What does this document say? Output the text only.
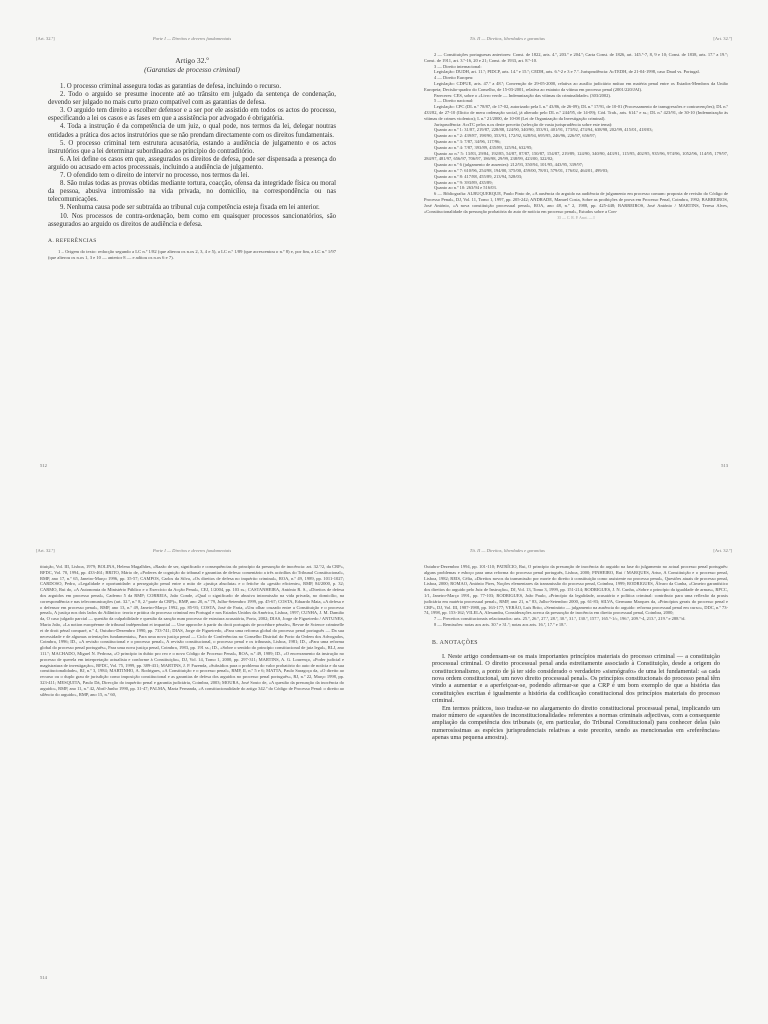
[Art. 32.º]	Parte I — Direitos e deveres fundamentais
Artigo 32.º
(Garantias de processo criminal)

1. O processo criminal assegura todas as garantias de defesa, incluindo o recurso.

2. Todo o arguido se presume inocente até ao trânsito em julgado da sentença de condenação, devendo ser julgado no mais curto prazo compatível com as garantias de defesa.

3. O arguido tem direito a escolher defensor e a ser por ele assistido em todos os actos do processo, especificando a lei os casos e as fases em que a assistência por advogado é obrigatória.

4. Toda a instrução é da competência de um juiz, o qual pode, nos termos da lei, delegar noutras entidades a prática dos actos instrutórios que se não prendam directamente com os direitos fundamentais.

5. O processo criminal tem estrutura acusatória, estando a audiência de julgamento e os actos instrutórios que a lei determinar subordinados ao princípio do contraditório.

6. A lei define os casos em que, assegurados os direitos de defesa, pode ser dispensada a presença do arguido ou acusado em actos processuais, incluindo a audiência de julgamento.

7. O ofendido tem o direito de intervir no processo, nos termos da lei.

8. São nulas todas as provas obtidas mediante tortura, coacção, ofensa da integridade física ou moral da pessoa, abusiva intromissão na vida privada, no domicílio, na correspondência ou nas telecomunicações.

9. Nenhuma causa pode ser subtraída ao tribunal cuja competência esteja fixada em lei anterior.

10. Nos processos de contra-ordenação, bem como em quaisquer processos sancionatórios, são assegurados ao arguido os direitos de audiência e defesa.

A. REFERÊNCIAS

1 – Origem do texto: redacção segundo a LC n.º 1/82 (que alterou os n.os 2, 3, 4 e 5), a LC n.º 1/89 (que acrescentou o n.º 8) e, por fim, a LC n.º 1/97 (que alterou os n.os 1, 3 e 10 — anterior 8 — e aditou os n.os 6 e 7).

512
Tít. II — Direitos, liberdades e garantias	[Art. 32.º]

2 — Constituições portuguesas anteriores: Const. de 1822, arts. 4.º, 203.º e 204.º; Carta Const. de 1826, art. 145.º-7, 8, 9 e 10; Const. de 1838, arts. 17.º a 19.º; Const. de 1911, art. 3.º-16, 20 e 21; Const. de 1933, art. 8.º-10.

3 — Direito internacional:

Legislação: DUDH, art. 11.º; PIDCP, arts. 14.º e 15.º; CEDH, arts. 6.º-2 e 3 e 7.º. Jurisprudência: AcTEDH, de 21-04-1998, caso Daud vs. Portugal.

4 — Direito Europeu:

Legislação: CDFUE, arts. 47.º a 48.º; Convenção de 29-05-2000, relativa ao auxílio judiciário mútuo em matéria penal entre os Estados-Membros da União Europeia; Decisão-quadro do Conselho, de 15-03-2001, relativa ao estatuto da vítima em processo penal (2001/220/JAI).

Pareceres: CES, sobre o «Livro verde — Indemnização das vítimas da criminalidade» (303/2002).

5 — Direito nacional:

Legislação: CPC (DL n.º 78/87, de 17-02, autorizado pela L n.º 43/86, de 26-09); DL n.º 17/91, de 10-01 (Processamento de transgressões e contravenções); DL n.º 433/82, de 27-10 (Ilícito de mera ordenação social, já alterado pelo DL n.º 244/95, de 14-09); Cód. Trab., arts. 614.º e ss.; DL n.º 423/91, de 30-10 (Indemnização às vítimas de crimes violentos); L n.º 21/2000, de 10-08 (Lei de Organização da Investigação criminal).

Jurisprudência: AcsTC pelos n.os deste preceito (selecção de vasta jurisprudência sobre este tema):

Quanto ao n.º 1: 31/87, 219/87, 228/88, 124/90, 340/90, 353/91, 401/91, 173/92, 474/94, 638/98, 202/99, 415/01, 418/03;

Quanto ao n.º 2: 439/87, 198/90, 353/91, 172/92, 628/94, 695/95, 246/96, 226/97, 656/97;

Quanto ao n.º 3: 7/87, 34/96, 117/96;

Quanto ao n.º 4: 7/87, 393/89, 435/89, 125/94, 632/95;

Quanto ao n.º 5: 13/83, 29/84, 192/85, 54/87, 87/87, 150/87, 154/87, 219/89, 124/90, 340/90, 443/91, 115/95, 402/95, 935/96, 974/96, 1052/96, 114/95, 179/97, 284/97, 481/97, 656/97, 706/97, 186/98, 29/99, 238/99, 423/00, 322/02;

Quanto ao n.º 6 (julgamento de ausentes): 212/93, 350/94, 101/95, 443/95, 339/97;

Quanto ao n.º 7: 610/96, 254/98, 194/00, 375/00, 459/00, 78/01, 579/01, 176/02, 464/01, 499/03;

Quanto ao n.º 8: 417/88, 455/89, 213/94, 528/03;

Quanto ao n.º 9: 393/89, 435/89;

Quanto ao n.º 10: 263/94 e 516/03.

6 — Bibliografia: ALBUQUERQUE, Paulo Pinto de, «A ausência do arguido na audiência de julgamento em processo comum: proposta de revisão do Código de Processo Penal», DJ, Vol. 11, Tomo 1, 1997, pp. 205-242; ANDRADE, Manuel Costa, Sobre as proibições de prova em Processo Penal, Coimbra, 1992; BARREIROS, José António, «A nova constituição processual penal», ROA, ano 48, n.º 2, 1988, pp. 425-448; BARREIROS, José António / MARTINS, Teresa Alves, «Constitucionalidade da presunção probatória do auto de notícia em processo penal», Estudos sobre a Con-

35 — C. R. P. Anot. — I
513
[Art. 32.º]	Parte I — Direitos e deveres fundamentais

tituição, Vol. III, Lisboa, 1979; BOLINA, Helena Magalhães, «Razão de ser, significado e consequências do princípio da presunção de inocência: art. 32.º/2, da CRP», BFDC, Vol. 70, 1994, pp. 433-461; BRITO, Mário de, «Poderes de cognição do tribunal e garantias de defesa: comentário a três acórdãos do Tribunal Constitucional», RMP, ano 17, n.º 65, Janeiro-Março 1996, pp. 35-57; CAMPOS, Carlos da Silva, «Os direitos de defesa no inquérito criminal», ROA, n.º 49, 1989, pp. 1011-1027; CARDOSO, Pedro, «Legalidade e oportunidade: a perseguição penal entre o mito de «justiça absoluta» e o fetiche da «gestão eficiente», RMP, 84/2000, p. 32; CARMO, Rui do, «A Autonomia do Ministério Público e o Exercício da Acção Penal», CEJ, 1/2004, pp. 103 ss.; CASTANHEIRA, António R. S., «Direitos de defesa dos arguidos em processo penal», Caderno 5 da RMP; CORREIA, João Conde, «Qual o significado de abusiva intromissão na vida privada, no domicílio, na correspondência e nas telecomunicações (art. 32.º, n.º 8, 2.ª parte da CRP)», RMP, ano 20, n.º 79, Julho-Setembro 1999, pp. 45-67; COSTA, Eduardo Maia, «A defesa e o defensor em processo penal», RMP, ano 13, n.º 49, Janeiro-Março 1992, pp. 85-93; COSTA, José de Faria, «Um olhar cruzado entre a Constituição e o processo penal», A justiça nos dois lados do Atlântico: teoria e prática do processo criminal em Portugal e nos Estados Unidos da América, Lisboa, 1997; CUNHA, J. M. Damião da, O caso julgado parcial — questão da culpabilidade e questão da sanção num processo de estrutura acusatória, Porto, 2002; DIAS, Jorge de Figueiredo / ANTUNES, Maria João, «La notion européenne de tribunal indépendant et impartial — Une approche à partir du droit portugais de procédure pénale», Revue de Science criminelle et de droit pénal comparé, n.º 4, Outubro-Dezembro 1990, pp. 733-741; DIAS, Jorge de Figueiredo, «Para uma reforma global do processo penal português — Da sua necessidade e de algumas orientações fundamentais», Para uma nova justiça penal — Ciclo de Conferências no Conselho Distrital do Porto da Ordem dos Advogados, Coimbra, 1996; ID., «A revisão constitucional e o processo penal», A revisão constitucional, o processo penal e os tribunais, Lisboa, 1981; ID., «Para uma reforma global do processo penal português», Para uma nova justiça penal, Coimbra, 1983, pp. 191 ss.; ID., «Sobre o sentido do princípio constitucional de juiz legal», RLJ, ano 111.º; MACHADO, Miguel N. Pedrosa, «O princípio in dubio pro reo e o novo Código de Processo Penal», ROA, n.º 49, 1989; ID., «O encerramento da instrução no processo de querela em interpretação actualista e conforme à Constituição», DJ, Vol. 14, Tomo 1, 2000, pp. 297-311; MARTINS, A. G. Lourenço, «Poder judicial e magistratura de investigação», BFDC, Vol. 75, 1999, pp. 389-431; MARTINS, J. P. Fazenda, «Subsídios para o problema do valor probatório do auto de notícia e da sua constitucionalidade», RJ, n.º 3, 1984; MARTINHO, A. Rodrigues, «A Constituição e o processo penal», RMP, II, n.º 5 e 6; MATTA, Paulo Saragoça da, «O direito ao recurso ou o duplo grau de jurisdição como imposição constitucional e as garantias de defesa dos arguidos no processo penal português», RJ, n.º 22, Março 1998, pp. 323-411; MESQUITA, Paulo Dá, Direcção do inquérito penal e garantia judiciária, Coimbra, 2003; MOURA, José Souto de, «A questão da presunção da inocência do arguido», RMP, ano 11, n.º 42, Abril-Junho 1990, pp. 31-47; PALMA, Maria Fernanda, «A constitucionalidade do artigo 342.º do Código de Processo Penal: o direito ao silêncio do arguido», RMP, ano 15, n.º 60,

514
Tít. II — Direitos, liberdades e garantias	[Art. 32.º]

Outubro-Dezembro 1994, pp. 101-110; PATRÍCIO, Rui, O princípio da presunção de inocência do arguido na fase do julgamento no actual processo penal português: alguns problemas e esboço para uma reforma do processo penal português, Lisboa, 2000; PINHEIRO, Rui / MARQUES, Artur, A Constituição e o processo penal, Lisboa, 1982; REIS, Célia, «Direitos novos da transmissão por morte do direito à constituição como assistente no processo penal», Questões atuais de processo penal, Lisboa, 2000; ROMAO, António Pires, Noções elementares da transmissão do processo penal, Coimbra, 1999; RODRIGUES, Álvaro da Cunha, «Cimeiro garantístico dos direitos do arguido pelo Juiz de Instrução», DJ, Vol. 13, Tomo 3, 1999, pp. 151-214; RODRIGUES, J. N. Cunha, «Sobre o princípio da igualdade de armas», RPCC, 1/1, Janeiro-Março 1991, pp. 77-103; RODRIGUES, João Paulo, «Princípio da legalidade, acusatório e política criminal: contributo para uma reflexão da praxis judiciária em matéria processual penal», RMP, ano 21, n.º 83, Julho-Setembro 2000, pp. 61-83; SILVA, Germano Marques da, «Princípios gerais do processo penal e CRP», DJ, Vol. III, 1987-1988, pp. 163-177; VERÃO, Luís Brito, «Seminário — julgamento na ausência do arguido: reforma processual penal em curso», DDC, n.º 73-74, 1998, pp. 153-162; VILELA, Alexandra, Considerações acerca da presunção de inocência em direito processual penal, Coimbra, 2000;

7 — Preceitos constitucionais relacionados: arts. 25.º, 26.º, 27.º, 28.º, 30.º, 31.º, 130.º, 157.º, 165.º-1/c, 196.º, 209.º-4, 213.º, 219.º e 288.º/d.

8 — Remissões: notas aos arts. 30.º e 31.º; notas aos arts. 16.º, 17.º e 18.º.

B. ANOTAÇÕES

I. Neste artigo condensam-se os mais importantes princípios materiais do processo criminal — a constituição processual criminal. O direito processual penal anda estreitamente associado à Constituição, desde a origem do constitucionalismo, a ponto de já ter sido considerado o verdadeiro «sismógrafo» de uma lei fundamental: «a cada nova ordem constitucional, um novo direito processual penal». Os princípios constitucionais do processo penal têm vindo a aumentar e a aperfeiçoar-se, podendo afirmar-se que a CRP é um bom exemplo de que a história das constituições escritas é igualmente a história da codificação constitucional dos princípios materiais do processo criminal.

Em termos práticos, isso traduz-se no alargamento do direito constitucional processual penal, implicando um maior número de «questões de inconstitucionalidade» referentes a normas criminais adjectivas, com a consequente ampliação da competência dos tribunais (e, em particular, do Tribunal Constitucional) para conhecer delas (são numerosíssimas as espécies jurisprudenciais relativas a este preceito, sendo as mencionadas em «referências» apenas uma pequena amostra).
